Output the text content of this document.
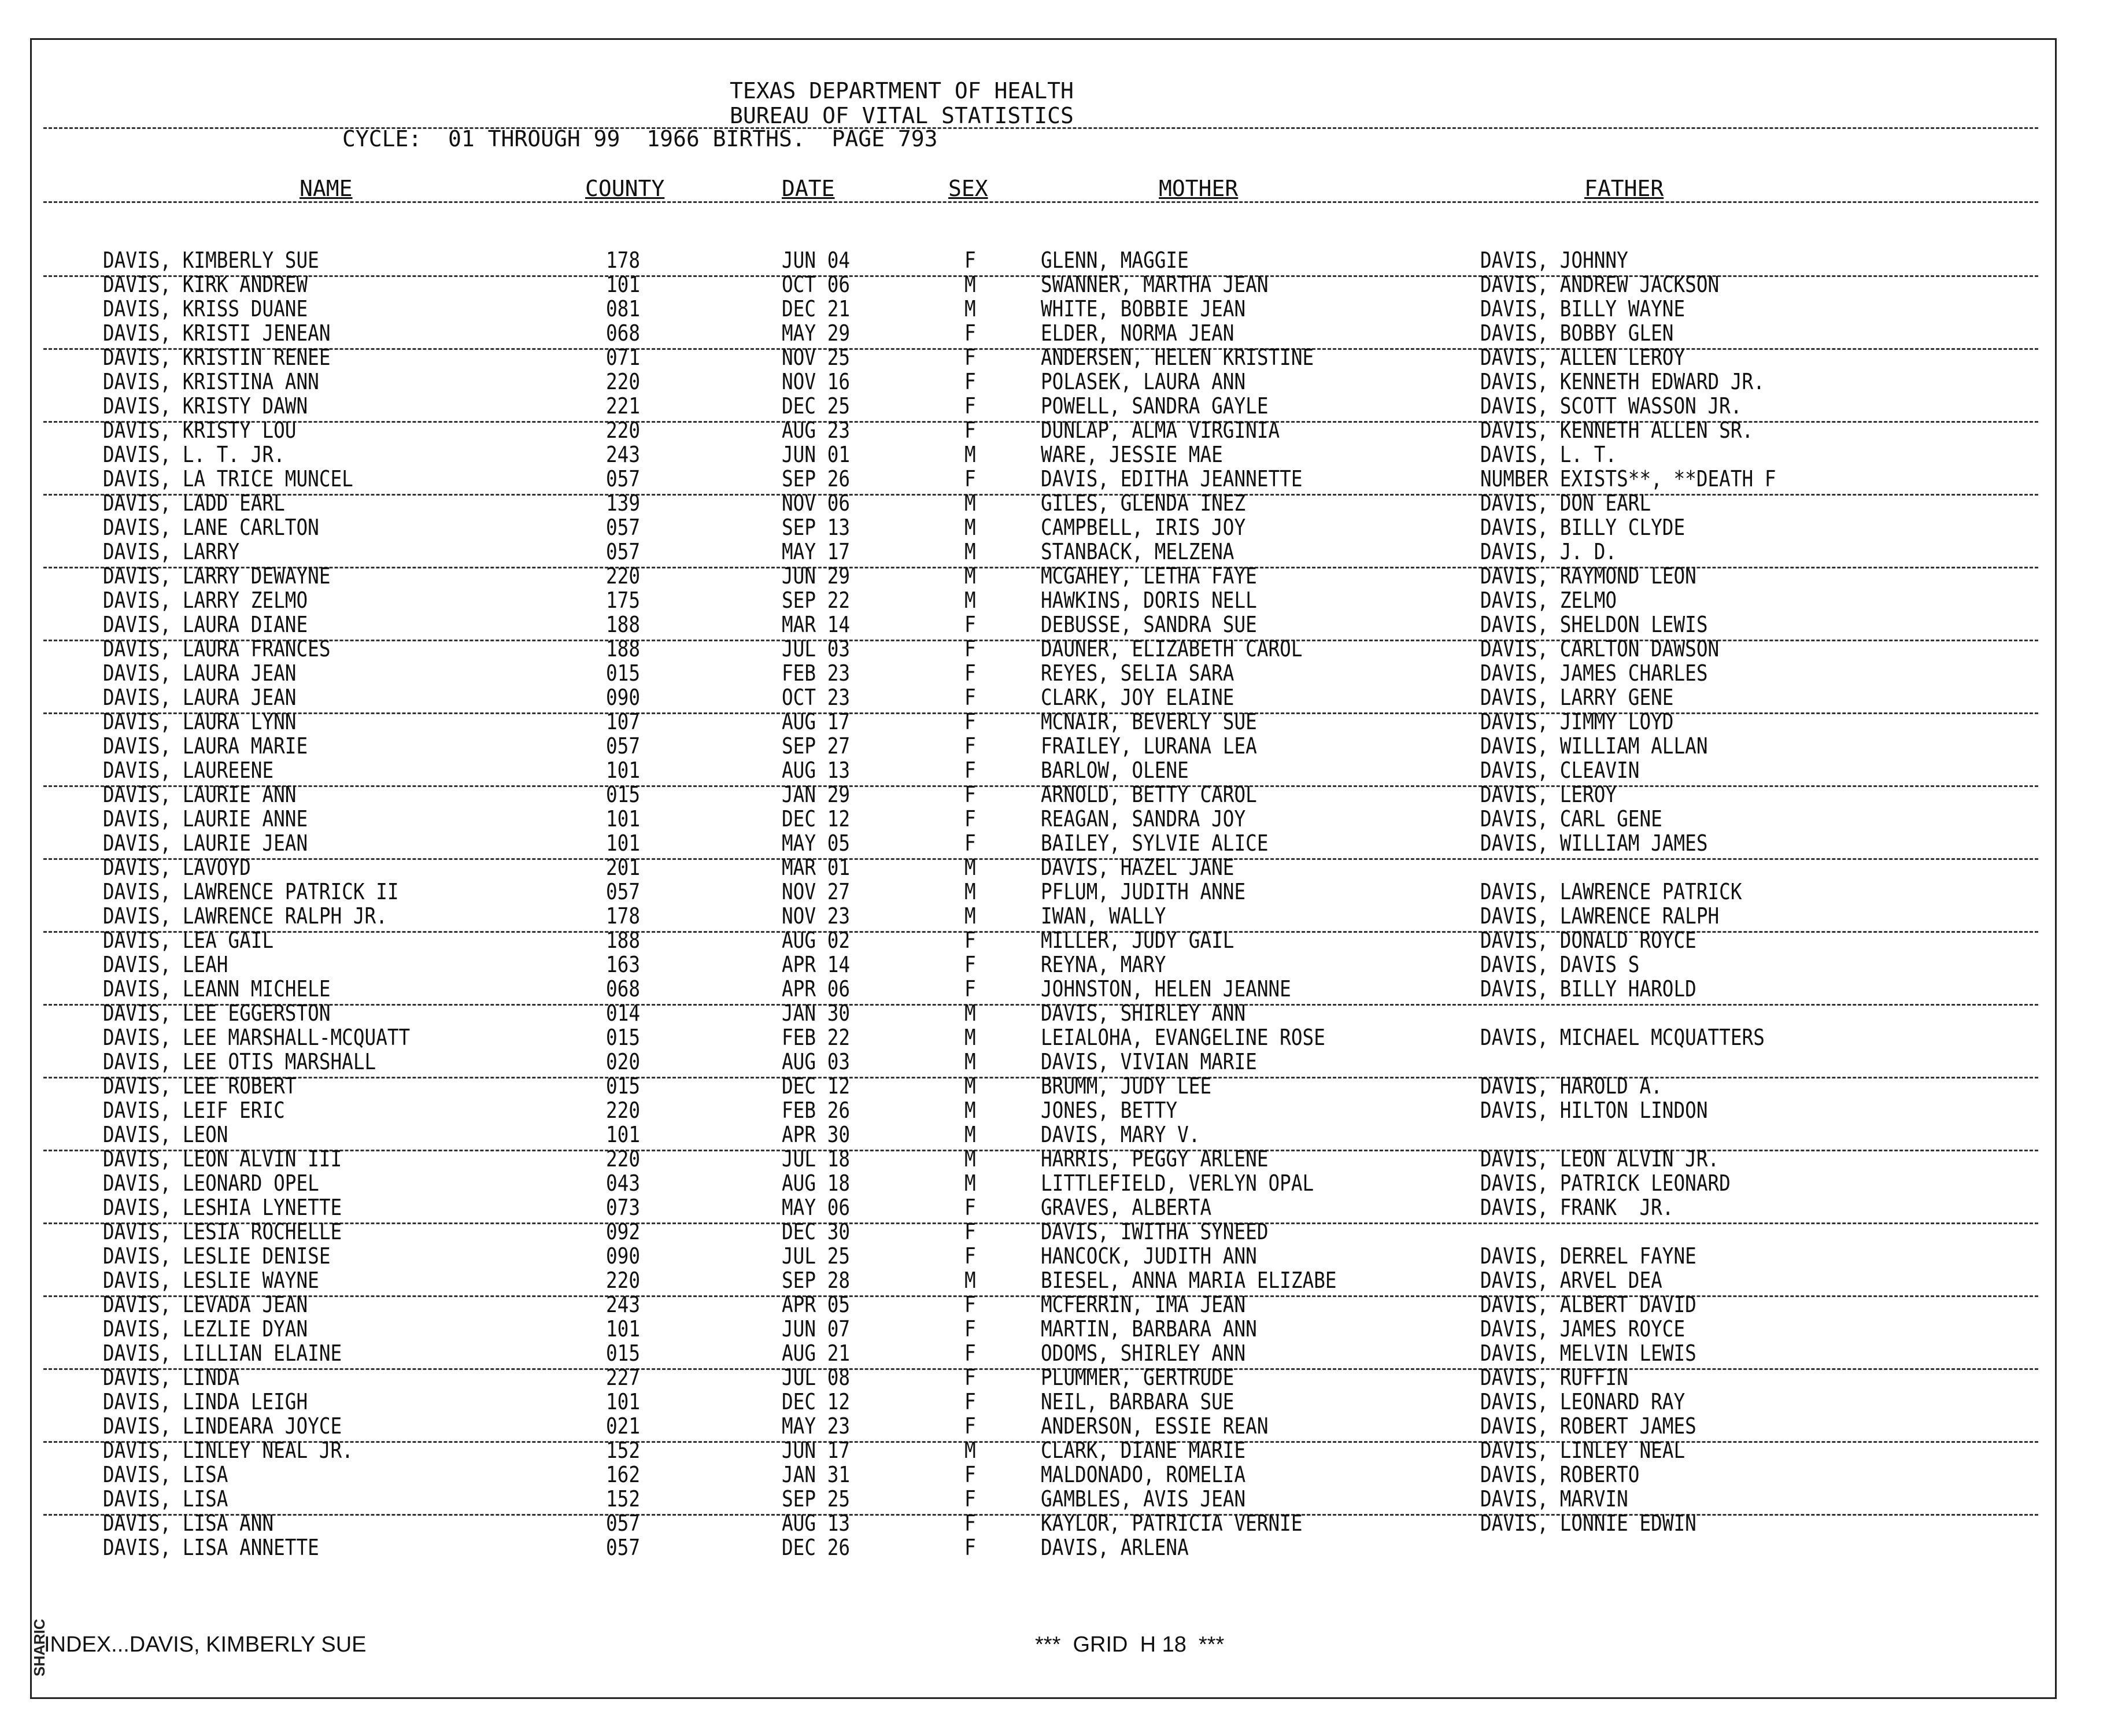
SHARIC
TEXAS DEPARTMENT OF HEALTH
BUREAU OF VITAL STATISTICS
CYCLE:  01 THROUGH 99  1966 BIRTHS.  PAGE 793
NAME	COUNTY	DATE	SEX	MOTHER	FATHER
DAVIS, KIMBERLY SUE	178	JUN 04	F	GLENN, MAGGIE	DAVIS, JOHNNY
DAVIS, KIRK ANDREW	101	OCT 06	M	SWANNER, MARTHA JEAN	DAVIS, ANDREW JACKSON
DAVIS, KRISS DUANE	081	DEC 21	M	WHITE, BOBBIE JEAN	DAVIS, BILLY WAYNE
DAVIS, KRISTI JENEAN	068	MAY 29	F	ELDER, NORMA JEAN	DAVIS, BOBBY GLEN
DAVIS, KRISTIN RENEE	071	NOV 25	F	ANDERSEN, HELEN KRISTINE	DAVIS, ALLEN LEROY
DAVIS, KRISTINA ANN	220	NOV 16	F	POLASEK, LAURA ANN	DAVIS, KENNETH EDWARD JR.
DAVIS, KRISTY DAWN	221	DEC 25	F	POWELL, SANDRA GAYLE	DAVIS, SCOTT WASSON JR.
DAVIS, KRISTY LOU	220	AUG 23	F	DUNLAP, ALMA VIRGINIA	DAVIS, KENNETH ALLEN SR.
DAVIS, L. T. JR.	243	JUN 01	M	WARE, JESSIE MAE	DAVIS, L. T.
DAVIS, LA TRICE MUNCEL	057	SEP 26	F	DAVIS, EDITHA JEANNETTE	NUMBER EXISTS**, **DEATH F
DAVIS, LADD EARL	139	NOV 06	M	GILES, GLENDA INEZ	DAVIS, DON EARL
DAVIS, LANE CARLTON	057	SEP 13	M	CAMPBELL, IRIS JOY	DAVIS, BILLY CLYDE
DAVIS, LARRY	057	MAY 17	M	STANBACK, MELZENA	DAVIS, J. D.
DAVIS, LARRY DEWAYNE	220	JUN 29	M	MCGAHEY, LETHA FAYE	DAVIS, RAYMOND LEON
DAVIS, LARRY ZELMO	175	SEP 22	M	HAWKINS, DORIS NELL	DAVIS, ZELMO
DAVIS, LAURA DIANE	188	MAR 14	F	DEBUSSE, SANDRA SUE	DAVIS, SHELDON LEWIS
DAVIS, LAURA FRANCES	188	JUL 03	F	DAUNER, ELIZABETH CAROL	DAVIS, CARLTON DAWSON
DAVIS, LAURA JEAN	015	FEB 23	F	REYES, SELIA SARA	DAVIS, JAMES CHARLES
DAVIS, LAURA JEAN	090	OCT 23	F	CLARK, JOY ELAINE	DAVIS, LARRY GENE
DAVIS, LAURA LYNN	107	AUG 17	F	MCNAIR, BEVERLY SUE	DAVIS, JIMMY LOYD
DAVIS, LAURA MARIE	057	SEP 27	F	FRAILEY, LURANA LEA	DAVIS, WILLIAM ALLAN
DAVIS, LAUREENE	101	AUG 13	F	BARLOW, OLENE	DAVIS, CLEAVIN
DAVIS, LAURIE ANN	015	JAN 29	F	ARNOLD, BETTY CAROL	DAVIS, LEROY
DAVIS, LAURIE ANNE	101	DEC 12	F	REAGAN, SANDRA JOY	DAVIS, CARL GENE
DAVIS, LAURIE JEAN	101	MAY 05	F	BAILEY, SYLVIE ALICE	DAVIS, WILLIAM JAMES
DAVIS, LAVOYD	201	MAR 01	M	DAVIS, HAZEL JANE
DAVIS, LAWRENCE PATRICK II	057	NOV 27	M	PFLUM, JUDITH ANNE	DAVIS, LAWRENCE PATRICK
DAVIS, LAWRENCE RALPH JR.	178	NOV 23	M	IWAN, WALLY	DAVIS, LAWRENCE RALPH
DAVIS, LEA GAIL	188	AUG 02	F	MILLER, JUDY GAIL	DAVIS, DONALD ROYCE
DAVIS, LEAH	163	APR 14	F	REYNA, MARY	DAVIS, DAVIS S
DAVIS, LEANN MICHELE	068	APR 06	F	JOHNSTON, HELEN JEANNE	DAVIS, BILLY HAROLD
DAVIS, LEE EGGERSTON	014	JAN 30	M	DAVIS, SHIRLEY ANN
DAVIS, LEE MARSHALL-MCQUATT	015	FEB 22	M	LEIALOHA, EVANGELINE ROSE	DAVIS, MICHAEL MCQUATTERS
DAVIS, LEE OTIS MARSHALL	020	AUG 03	M	DAVIS, VIVIAN MARIE
DAVIS, LEE ROBERT	015	DEC 12	M	BRUMM, JUDY LEE	DAVIS, HAROLD A.
DAVIS, LEIF ERIC	220	FEB 26	M	JONES, BETTY	DAVIS, HILTON LINDON
DAVIS, LEON	101	APR 30	M	DAVIS, MARY V.
DAVIS, LEON ALVIN III	220	JUL 18	M	HARRIS, PEGGY ARLENE	DAVIS, LEON ALVIN JR.
DAVIS, LEONARD OPEL	043	AUG 18	M	LITTLEFIELD, VERLYN OPAL	DAVIS, PATRICK LEONARD
DAVIS, LESHIA LYNETTE	073	MAY 06	F	GRAVES, ALBERTA	DAVIS, FRANK  JR.
DAVIS, LESIA ROCHELLE	092	DEC 30	F	DAVIS, IWITHA SYNEED
DAVIS, LESLIE DENISE	090	JUL 25	F	HANCOCK, JUDITH ANN	DAVIS, DERREL FAYNE
DAVIS, LESLIE WAYNE	220	SEP 28	M	BIESEL, ANNA MARIA ELIZABE	DAVIS, ARVEL DEA
DAVIS, LEVADA JEAN	243	APR 05	F	MCFERRIN, IMA JEAN	DAVIS, ALBERT DAVID
DAVIS, LEZLIE DYAN	101	JUN 07	F	MARTIN, BARBARA ANN	DAVIS, JAMES ROYCE
DAVIS, LILLIAN ELAINE	015	AUG 21	F	ODOMS, SHIRLEY ANN	DAVIS, MELVIN LEWIS
DAVIS, LINDA	227	JUL 08	F	PLUMMER, GERTRUDE	DAVIS, RUFFIN
DAVIS, LINDA LEIGH	101	DEC 12	F	NEIL, BARBARA SUE	DAVIS, LEONARD RAY
DAVIS, LINDEARA JOYCE	021	MAY 23	F	ANDERSON, ESSIE REAN	DAVIS, ROBERT JAMES
DAVIS, LINLEY NEAL JR.	152	JUN 17	M	CLARK, DIANE MARIE	DAVIS, LINLEY NEAL
DAVIS, LISA	162	JAN 31	F	MALDONADO, ROMELIA	DAVIS, ROBERTO
DAVIS, LISA	152	SEP 25	F	GAMBLES, AVIS JEAN	DAVIS, MARVIN
DAVIS, LISA ANN	057	AUG 13	F	KAYLOR, PATRICIA VERNIE	DAVIS, LONNIE EDWIN
DAVIS, LISA ANNETTE	057	DEC 26	F	DAVIS, ARLENA
INDEX...DAVIS, KIMBERLY SUE	***  GRID  H 18  ***
